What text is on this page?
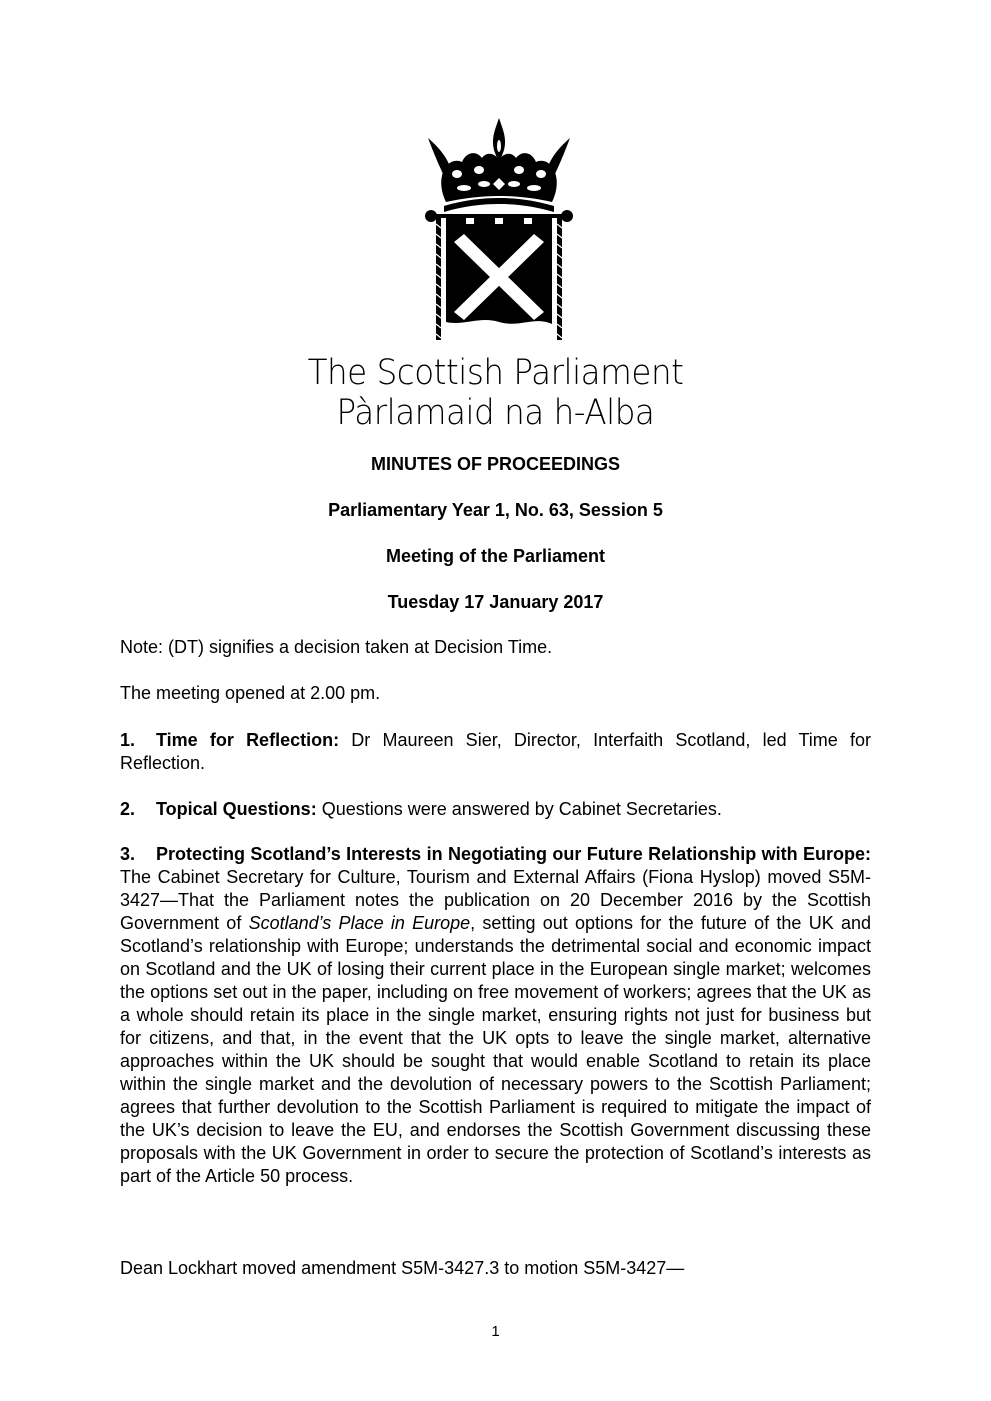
The Scottish Parliament
Pàrlamaid na h-Alba
MINUTES OF PROCEEDINGS
Parliamentary Year 1, No. 63, Session 5
Meeting of the Parliament
Tuesday 17 January 2017
Note: (DT) signifies a decision taken at Decision Time.
The meeting opened at 2.00 pm.
1. Time for Reflection: Dr Maureen Sier, Director, Interfaith Scotland, led Time for Reflection.
2. Topical Questions: Questions were answered by Cabinet Secretaries.
3. Protecting Scotland’s Interests in Negotiating our Future Relationship with Europe: The Cabinet Secretary for Culture, Tourism and External Affairs (Fiona Hyslop) moved S5M-3427—That the Parliament notes the publication on 20 December 2016 by the Scottish Government of Scotland’s Place in Europe, setting out options for the future of the UK and Scotland’s relationship with Europe; understands the detrimental social and economic impact on Scotland and the UK of losing their current place in the European single market; welcomes the options set out in the paper, including on free movement of workers; agrees that the UK as a whole should retain its place in the single market, ensuring rights not just for business but for citizens, and that, in the event that the UK opts to leave the single market, alternative approaches within the UK should be sought that would enable Scotland to retain its place within the single market and the devolution of necessary powers to the Scottish Parliament; agrees that further devolution to the Scottish Parliament is required to mitigate the impact of the UK’s decision to leave the EU, and endorses the Scottish Government discussing these proposals with the UK Government in order to secure the protection of Scotland’s interests as part of the Article 50 process.
Dean Lockhart moved amendment S5M-3427.3 to motion S5M-3427—
1
